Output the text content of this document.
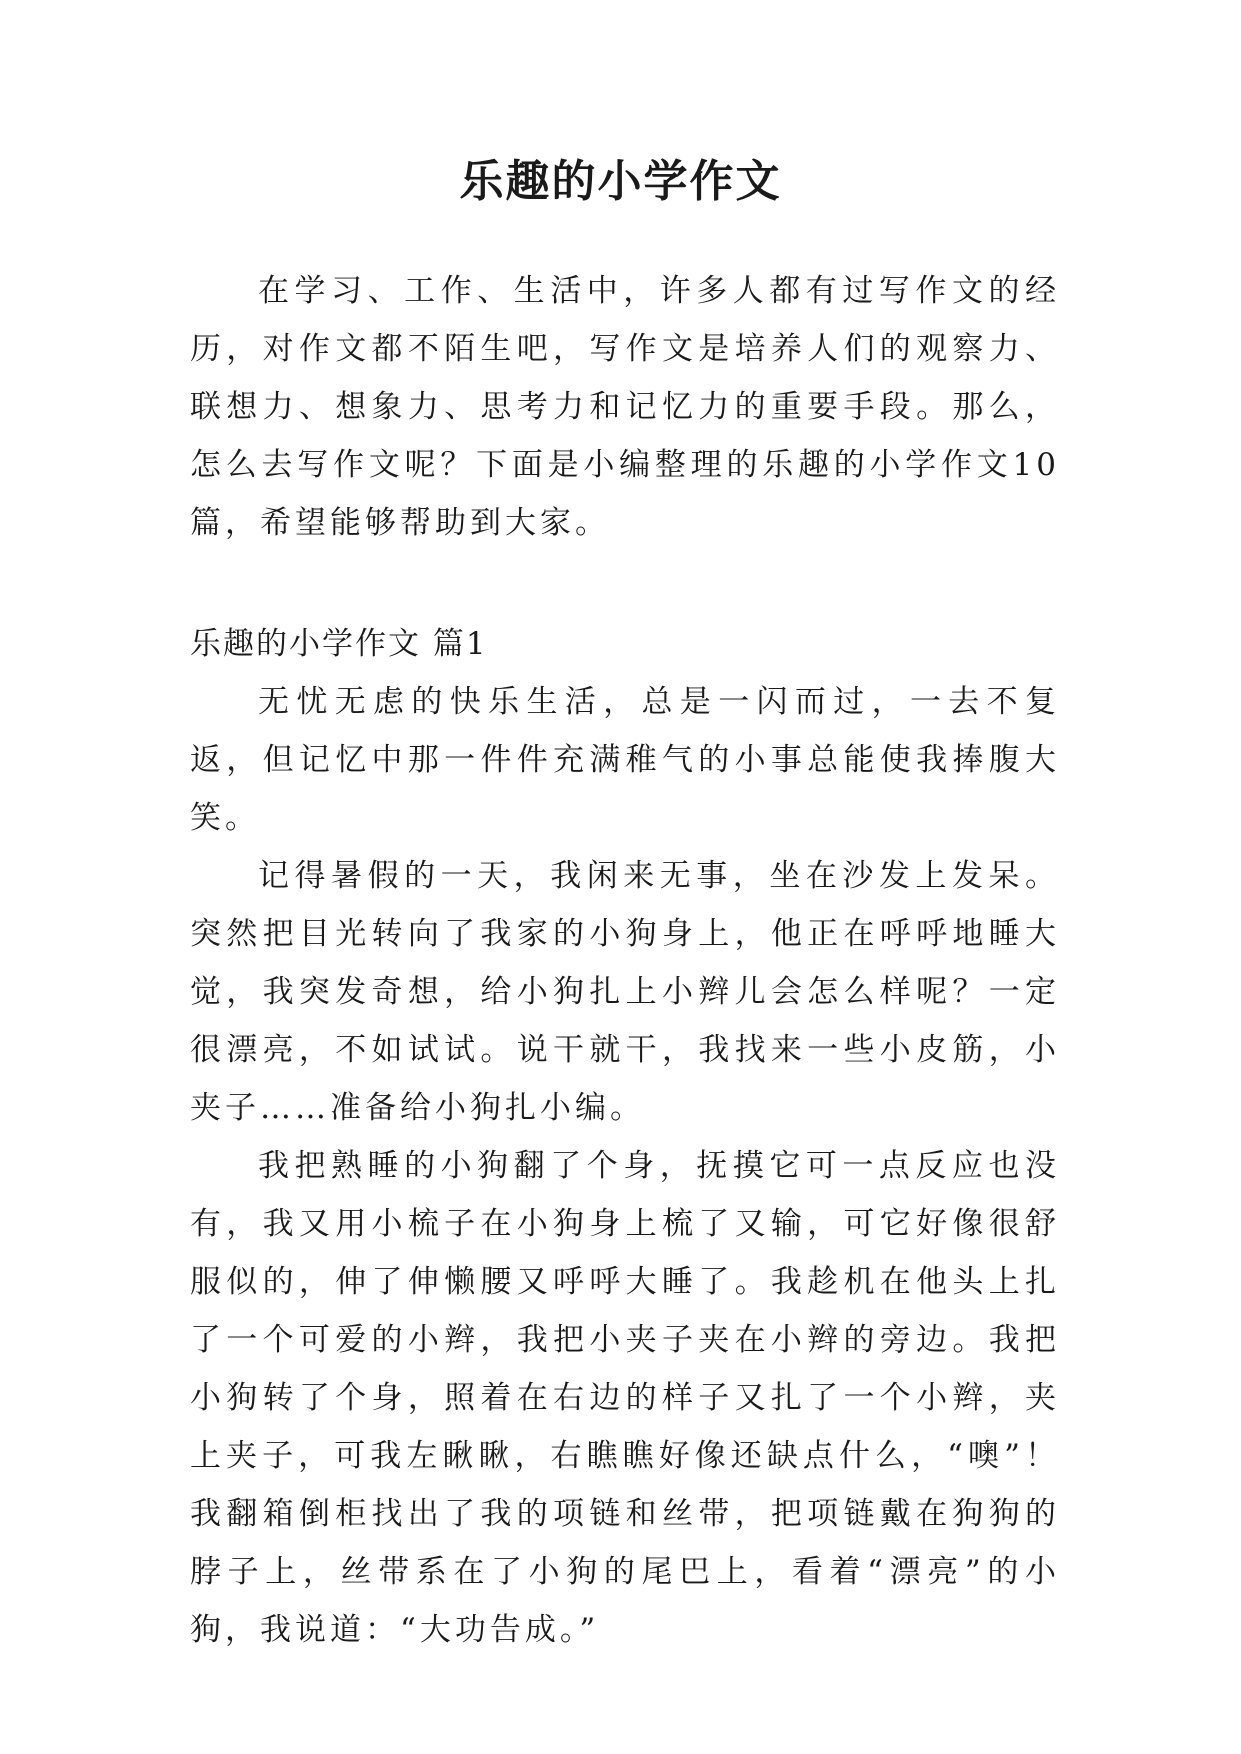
乐趣的小学作文

在学习、工作、生活中，许多人都有过写作文的经历，对作文都不陌生吧，写作文是培养人们的观察力、联想力、想象力、思考力和记忆力的重要手段。那么，怎么去写作文呢？下面是小编整理的乐趣的小学作文10篇，希望能够帮助到大家。

乐趣的小学作文 篇1

无忧无虑的快乐生活，总是一闪而过，一去不复返，但记忆中那一件件充满稚气的小事总能使我捧腹大笑。

记得暑假的一天，我闲来无事，坐在沙发上发呆。突然把目光转向了我家的小狗身上，他正在呼呼地睡大觉，我突发奇想，给小狗扎上小辫儿会怎么样呢？一定很漂亮，不如试试。说干就干，我找来一些小皮筋，小夹子……准备给小狗扎小编。

我把熟睡的小狗翻了个身，抚摸它可一点反应也没有，我又用小梳子在小狗身上梳了又输，可它好像很舒服似的，伸了伸懒腰又呼呼大睡了。我趁机在他头上扎了一个可爱的小辫，我把小夹子夹在小辫的旁边。我把小狗转了个身，照着在右边的样子又扎了一个小辫，夹上夹子，可我左瞅瞅，右瞧瞧好像还缺点什么，“噢”！我翻箱倒柜找出了我的项链和丝带，把项链戴在狗狗的脖子上，丝带系在了小狗的尾巴上，看着“漂亮”的小狗，我说道：“大功告成。”
